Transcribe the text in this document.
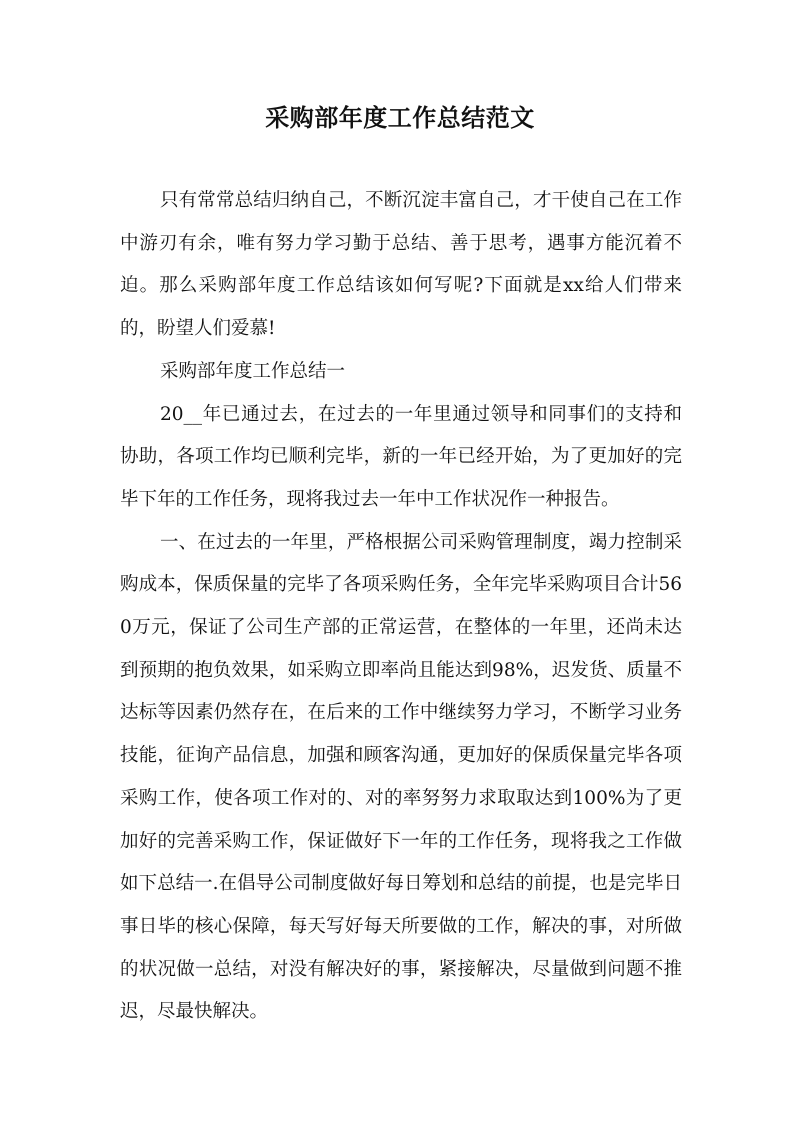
采购部年度工作总结范文

只有常常总结归纳自己，不断沉淀丰富自己，才干使自己在工作中游刃有余，唯有努力学习勤于总结、善于思考，遇事方能沉着不迫。那么采购部年度工作总结该如何写呢?下面就是xx给人们带来的，盼望人们爱慕!

采购部年度工作总结一

20__年已通过去，在过去的一年里通过领导和同事们的支持和协助，各项工作均已顺利完毕，新的一年已经开始，为了更加好的完毕下年的工作任务，现将我过去一年中工作状况作一种报告。

一、在过去的一年里，严格根据公司采购管理制度，竭力控制采购成本，保质保量的完毕了各项采购任务，全年完毕采购项目合计560万元，保证了公司生产部的正常运营，在整体的一年里，还尚未达到预期的抱负效果，如采购立即率尚且能达到98%，迟发货、质量不达标等因素仍然存在，在后来的工作中继续努力学习，不断学习业务技能，征询产品信息，加强和顾客沟通，更加好的保质保量完毕各项采购工作，使各项工作对的、对的率努努力求取取达到100%为了更加好的完善采购工作，保证做好下一年的工作任务，现将我之工作做如下总结一.在倡导公司制度做好每日筹划和总结的前提，也是完毕日事日毕的核心保障，每天写好每天所要做的工作，解决的事，对所做的状况做一总结，对没有解决好的事，紧接解决，尽量做到问题不推迟，尽最快解决。
